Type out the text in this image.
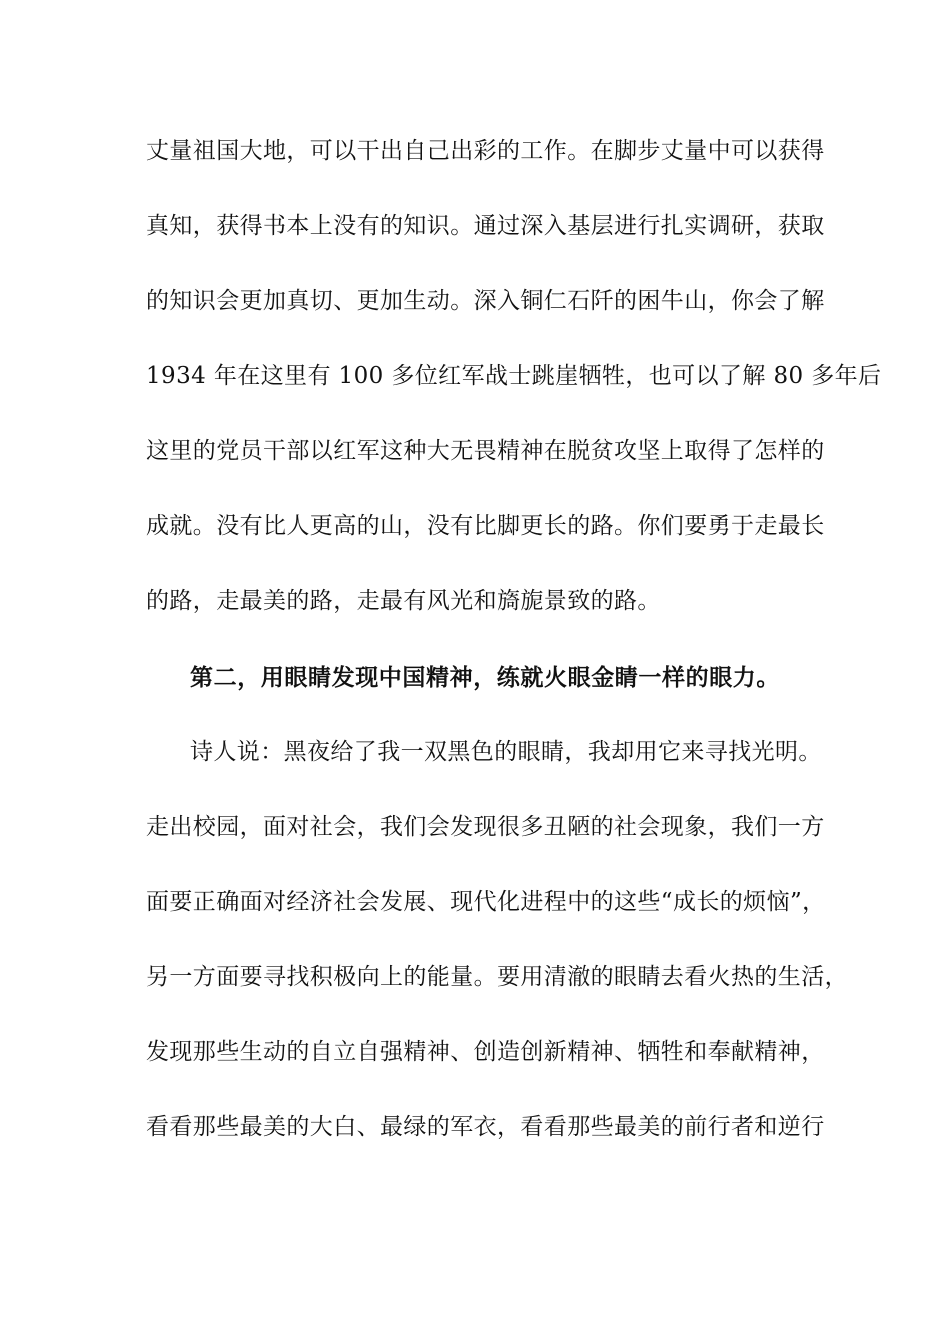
丈量祖国大地，可以干出自己出彩的工作。在脚步丈量中可以获得
真知，获得书本上没有的知识。通过深入基层进行扎实调研，获取
的知识会更加真切、更加生动。深入铜仁石阡的困牛山，你会了解
1934 年在这里有 100 多位红军战士跳崖牺牲，也可以了解 80 多年后
这里的党员干部以红军这种大无畏精神在脱贫攻坚上取得了怎样的
成就。没有比人更高的山，没有比脚更长的路。你们要勇于走最长
的路，走最美的路，走最有风光和旖旎景致的路。
第二，用眼睛发现中国精神，练就火眼金睛一样的眼力。
诗人说：黑夜给了我一双黑色的眼睛，我却用它来寻找光明。
走出校园，面对社会，我们会发现很多丑陋的社会现象，我们一方
面要正确面对经济社会发展、现代化进程中的这些“成长的烦恼”，
另一方面要寻找积极向上的能量。要用清澈的眼睛去看火热的生活，
发现那些生动的自立自强精神、创造创新精神、牺牲和奉献精神，
看看那些最美的大白、最绿的军衣，看看那些最美的前行者和逆行
